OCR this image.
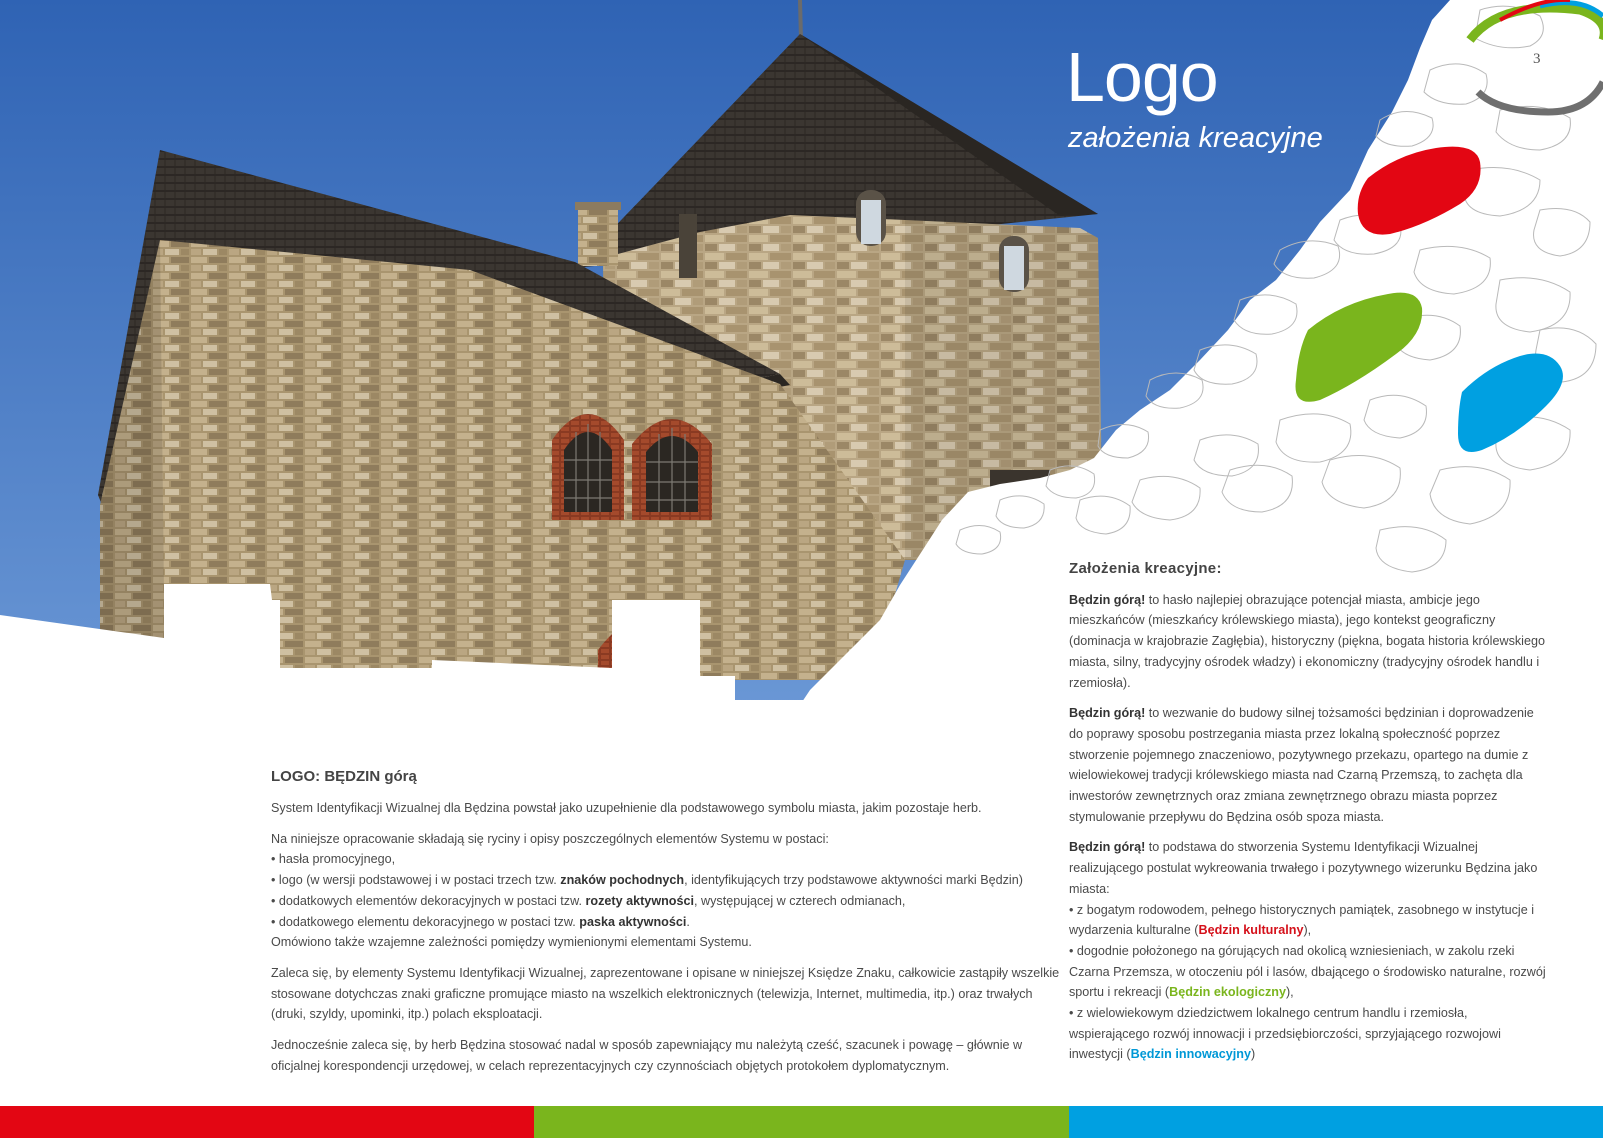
Logo
założenia kreacyjne
3

LOGO: BĘDZIN górą

System Identyfikacji Wizualnej dla Będzina powstał jako uzupełnienie dla podstawowego symbolu miasta, jakim pozostaje herb.

Na niniejsze opracowanie składają się ryciny i opisy poszczególnych elementów Systemu w postaci:
• hasła promocyjnego,
• logo (w wersji podstawowej i w postaci trzech tzw. znaków pochodnych, identyfikujących trzy podstawowe aktywności marki Będzin)
• dodatkowych elementów dekoracyjnych w postaci tzw. rozety aktywności, występującej w czterech odmianach,
• dodatkowego elementu dekoracyjnego w postaci tzw. paska aktywności.
Omówiono także wzajemne zależności pomiędzy wymienionymi elementami Systemu.

Zaleca się, by elementy Systemu Identyfikacji Wizualnej, zaprezentowane i opisane w niniejszej Księdze Znaku, całkowicie zastąpiły wszelkie stosowane dotychczas znaki graficzne promujące miasto na wszelkich elektronicznych (telewizja, Internet, multimedia, itp.) oraz trwałych (druki, szyldy, upominki, itp.) polach eksploatacji.

Jednocześnie zaleca się, by herb Będzina stosować nadal w sposób zapewniający mu należytą cześć, szacunek i powagę – głównie w oficjalnej korespondencji urzędowej, w celach reprezentacyjnych czy czynnościach objętych protokołem dyplomatycznym.

Założenia kreacyjne:

Będzin górą! to hasło najlepiej obrazujące potencjał miasta, ambicje jego mieszkańców (mieszkańcy królewskiego miasta), jego kontekst geograficzny (dominacja w krajobrazie Zagłębia), historyczny (piękna, bogata historia królewskiego miasta, silny, tradycyjny ośrodek władzy) i ekonomiczny (tradycyjny ośrodek handlu i rzemiosła).

Będzin górą! to wezwanie do budowy silnej tożsamości będzinian i doprowadzenie do poprawy sposobu postrzegania miasta przez lokalną społeczność poprzez stworzenie pojemnego znaczeniowo, pozytywnego przekazu, opartego na dumie z wielowiekowej tradycji królewskiego miasta nad Czarną Przemszą, to zachęta dla inwestorów zewnętrznych oraz zmiana zewnętrznego obrazu miasta poprzez stymulowanie przepływu do Będzina osób spoza miasta.

Będzin górą! to podstawa do stworzenia Systemu Identyfikacji Wizualnej realizującego postulat wykreowania trwałego i pozytywnego wizerunku Będzina jako miasta:
• z bogatym rodowodem, pełnego historycznych pamiątek, zasobnego w instytucje i wydarzenia kulturalne (Będzin kulturalny),
• dogodnie położonego na górujących nad okolicą wzniesieniach, w zakolu rzeki Czarna Przemsza, w otoczeniu pól i lasów, dbającego o środowisko naturalne, rozwój sportu i rekreacji (Będzin ekologiczny),
• z wielowiekowym dziedzictwem lokalnego centrum handlu i rzemiosła, wspierającego rozwój innowacji i przedsiębiorczości, sprzyjającego rozwojowi inwestycji (Będzin innowacyjny)
